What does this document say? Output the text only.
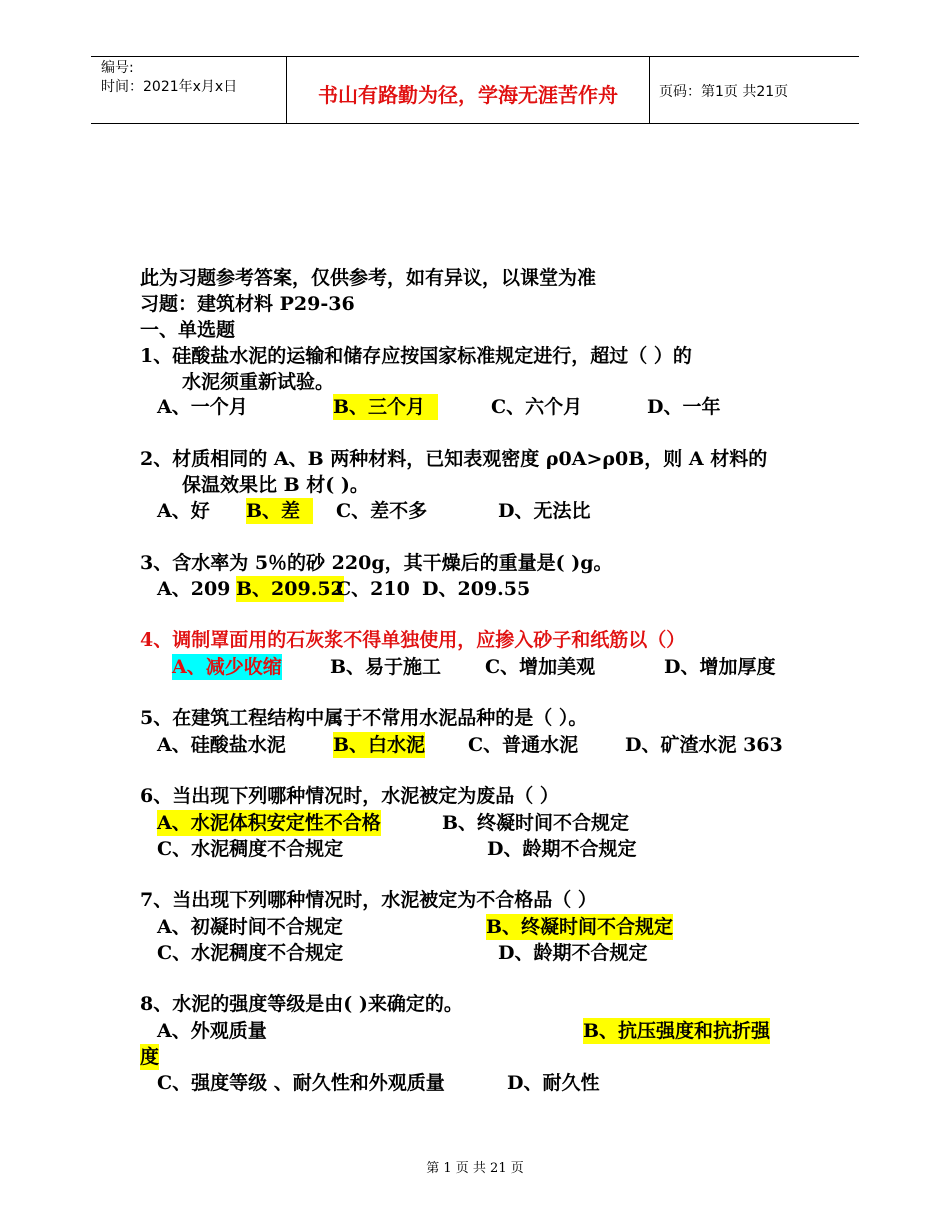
编号:
时间：2021年x月x日	书山有路勤为径，学海无涯苦作舟	页码：第1页 共21页
此为习题参考答案，仅供参考，如有异议，以课堂为准
习题：建筑材料 P29-36
一、单选题
1、硅酸盐水泥的运输和储存应按国家标准规定进行，超过（ ）的
水泥须重新试验。
A、一个月	B、三个月	C、六个月	D、一年
2、材质相同的 A、B 两种材料，已知表观密度 ρ0A>ρ0B，则 A 材料的
保温效果比 B 材( )。
A、好 B、差 C、差不多	D、无法比
3、含水率为 5％的砂 220g，其干燥后的重量是( )g。
A、209 B、209.52
C、210 D、209.55
4、调制罩面用的石灰浆不得单独使用，应掺入砂子和纸筋以（）
A、减少收缩	B、易于施工 C、增加美观	D、增加厚度
5、在建筑工程结构中属于不常用水泥品种的是（ ）。
A、硅酸盐水泥 B、白水泥 C、普通水泥 D、矿渣水泥 363
6、当出现下列哪种情况时，水泥被定为废品（ ）
A、水泥体积安定性不合格	B、终凝时间不合规定
C、水泥稠度不合规定	D、龄期不合规定
7、当出现下列哪种情况时，水泥被定为不合格品（ ）
A、初凝时间不合规定	B、终凝时间不合规定
C、水泥稠度不合规定	D、龄期不合规定
8、水泥的强度等级是由( )来确定的。
A、外观质量	B、抗压强度和抗折强
度
C、强度等级 、耐久性和外观质量	D、耐久性
第 1 页 共 21 页
